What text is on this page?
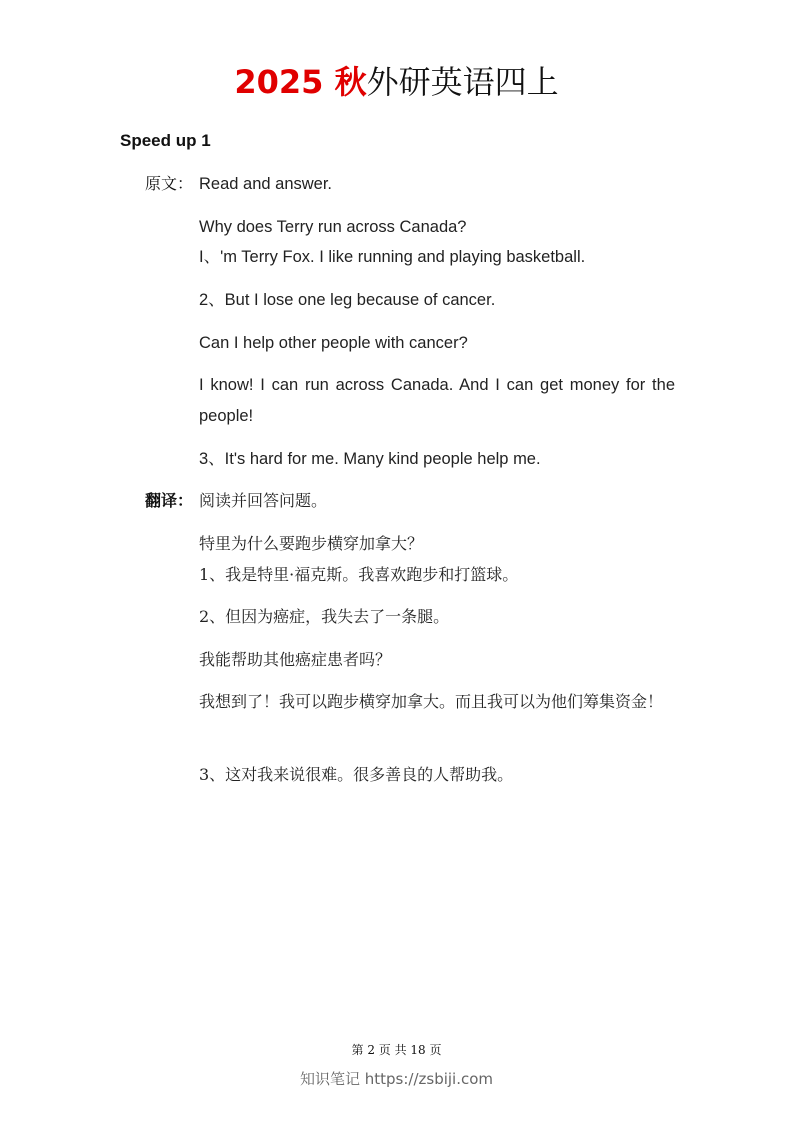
2025 秋外研英语四上
Speed up 1
原文： Read and answer.
Why does Terry run across Canada?
I、'm Terry Fox. I like running and playing basketball.
2、But I lose one leg because of cancer.
Can I help other people with cancer?
I know! I can run across Canada. And I can get money for the people!
3、It's hard for me. Many kind people help me.
翻译： 阅读并回答问题。
特里为什么要跑步横穿加拿大？
1、我是特里·福克斯。我喜欢跑步和打篮球。
2、但因为癌症，我失去了一条腿。
我能帮助其他癌症患者吗？
我想到了！我可以跑步横穿加拿大。而且我可以为他们筹集资金！
3、这对我来说很难。很多善良的人帮助我。
第 2 页 共 18 页
知识笔记 https://zsbiji.com
